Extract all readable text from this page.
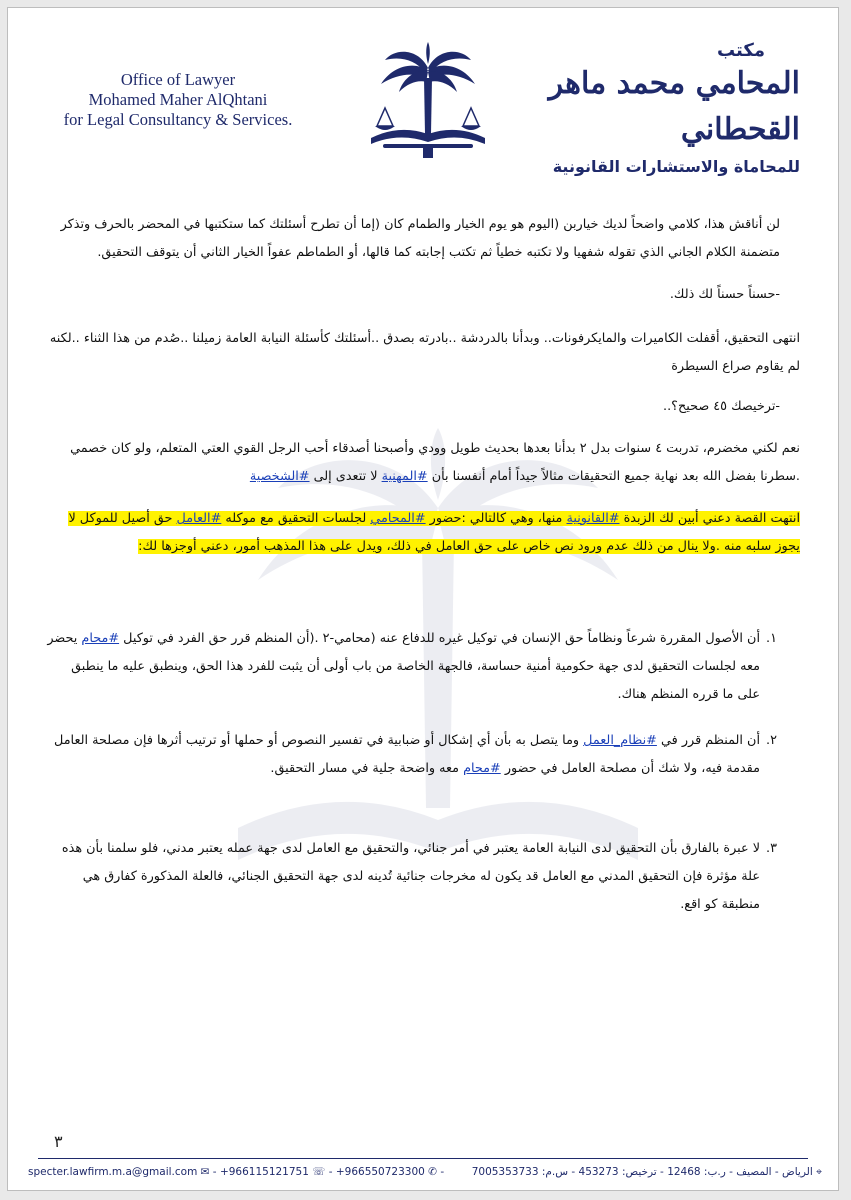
Office of Lawyer
Mohamed Maher AlQhtani
for Legal Consultancy & Services.
مكتب
المحامي محمد ماهر القحطاني
للمحاماة والاستشارات القانونية

لن أناقش هذا، كلامي واضحاً لديك خياربن (اليوم هو يوم الخيار والطمام كان (إما أن تطرح أسئلتك كما ستكتبها في المحضر بالحرف وتذكر متضمنة الكلام الجاني الذي تقوله شفهيا ولا تكتبه خطياً ثم تكتب إجابته كما قالها، أو الطماطم عفواً الخيار الثاني أن يتوقف التحقيق.

-حسناً حسناً لك ذلك.

انتهى التحقيق، أقفلت الكاميرات والمايكرفونات.. وبدأنا بالدردشة ..بادرته بصدق ..أسئلتك كأسئلة النيابة العامة زميلنا ..صُدم من هذا الثناء ..لكنه لم يقاوم صراع السيطرة

-ترخيصك ٤٥ صحيح؟..

نعم لكني مخضرم، تدربت ٤ سنوات بدل ٢ بدأنا بعدها بحديث طويل وودي وأصبحنا أصدقاء أحب الرجل القوي العتي المتعلم، ولو كان خصمي .سطرنا بفضل الله بعد نهاية جميع التحقيقات مثالاً جيداً أمام أنفسنا بأن #المهنية لا تتعدى إلى #الشخصية

انتهت القصة دعني أبين لك الزبدة #القانونية منها، وهي كالتالي :حضور #المحامي لجلسات التحقيق مع موكله #العامل حق أصيل للموكل لا يجوز سلبه منه .ولا ينال من ذلك عدم ورود نص خاص على حق العامل في ذلك، ويدل على هذا المذهب أمور، دعني أوجزها لك:

١.
أن الأصول المقررة شرعاً ونظاماً حق الإنسان في توكيل غيره للدفاع عنه (محامي-٢ .(أن المنظم قرر حق الفرد في توكيل #محام يحضر معه لجلسات التحقيق لدى جهة حكومية أمنية حساسة، فالجهة الخاصة من باب أولى أن يثبت للفرد هذا الحق، وينطبق عليه ما ينطبق على ما قرره المنظم هناك.
٢.
أن المنظم قرر في #نظام_العمل وما يتصل به بأن أي إشكال أو ضبابية في تفسير النصوص أو حملها أو ترتيب أثرها فإن مصلحة العامل مقدمة فيه، ولا شك أن مصلحة العامل في حضور #محام معه واضحة جلية في مسار التحقيق.
٣.
لا عبرة بالفارق بأن التحقيق لدى النيابة العامة يعتبر في أمر جنائي، والتحقيق مع العامل لدى جهة عمله يعتبر مدني، فلو سلمنا بأن هذه علة مؤثرة فإن التحقيق المدني مع العامل قد يكون له مخرجات جنائية تُدينه لدى جهة التحقيق الجنائي، فالعلة المذكورة كفارق هي منطبقة كو اقع.
٣
specter.lawfirm.m.a@gmail.com ✉ - +966115121751 ☏ - +966550723300 ✆ -	⌖ الرياض - المصيف - ر.ب: 12468 - ترخيص: 453273 - س.م: 7005353733
